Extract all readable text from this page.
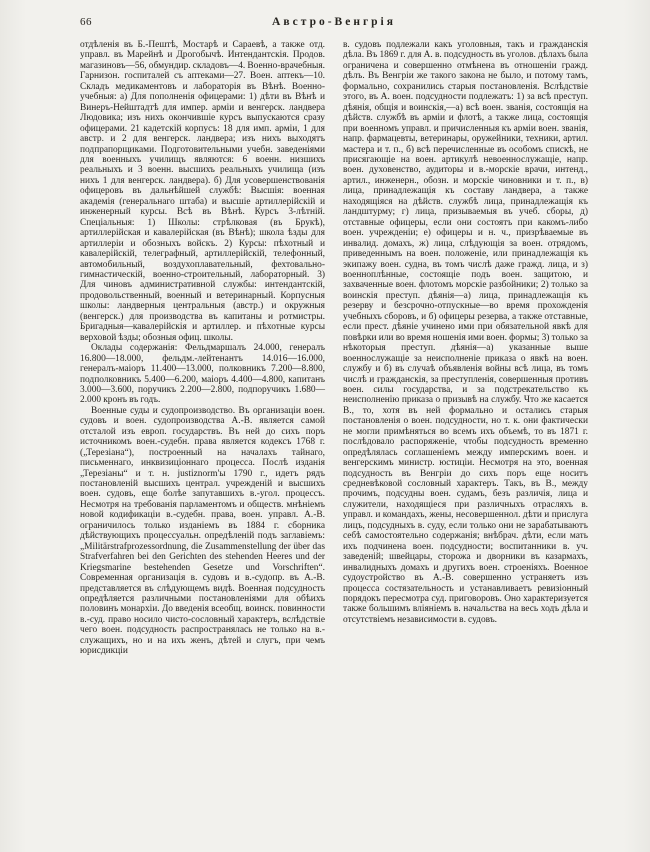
66	Австро-Венгрія

отдѣленія въ Б.-Пештѣ, Мостарѣ и Сараевѣ, а также отд. управл. въ Марейнѣ и Дрогобычѣ. Интендантскія. Продов. магазиновъ—56, обмундир. складовъ—4. Военно-врачебныя. Гарнизон. госпиталей съ аптеками—27. Воен. аптекъ—10. Складъ медикаментовъ и лабораторія въ Вѣнѣ. Военно-учебныя: а) Для пополненія офицерами: 1) дѣти въ Вѣнѣ и Винеръ-Нейштадтѣ для импер. арміи и венгерск. ландвера Людовика; изъ нихъ окончившіе курсъ выпускаются сразу офицерами. 21 кадетскій корпусъ: 18 для имп. арміи, 1 для австр. и 2 для венгерск. ландвера; изъ нихъ выходятъ подпрапорщиками. Подготовительными учебн. заведеніями для военныхъ училищъ являются: 6 военн. низшихъ реальныхъ и 3 военн. высшихъ реальныхъ училища (изъ нихъ 1 для венгерск. ландвера). б) Для усовершенствованія офицеровъ въ дальнѣйшей службѣ: Высшія: военная академія (генеральнаго штаба) и высшіе артиллерійскій и инженерный курсы. Всѣ въ Вѣнѣ. Курсъ 3-лѣтній. Спеціальныя: 1) Школы: стрѣлковая (въ Брукѣ), артиллерійская и кавалерійская (въ Вѣнѣ); школа ѣзды для артиллеріи и обозныхъ войскъ. 2) Курсы: пѣхотный и кавалерійскій, телеграфный, артиллерійскій, телефонный, автомобильный, воздухоплавательный, фехтовально-гимнастическій, военно-строительный, лабораторный. 3) Для чиновъ административной службы: интендантскій, продовольственный, военный и ветеринарный. Корпусныя школы: ландверныя центральныя (австр.) и окружныя (венгерск.) для производства въ капитаны и ротмистры. Бригадныя—кавалерійскія и артиллер. и пѣхотные курсы верховой ѣзды; обозныя офиц. школы.

Оклады содержанія: Фельдмаршалъ 24.000, генералъ 16.800—18.000, фельдм.-лейтенантъ 14.016—16.000, генералъ-маіоръ 11.400—13.000, полковникъ 7.200—8.800, подполковникъ 5.400—6.200, маіоръ 4.400—4.800, капитанъ 3.000—3.600, поручикъ 2.200—2.800, подпоручикъ 1.680—2.000 кронъ въ годъ.

Военные суды и судопроизводство. Въ организаціи воен. судовъ и воен. судопроизводства А.-В. является самой отсталой изъ европ. государствъ. Въ ней до сихъ поръ источникомъ воен.-судебн. права является кодексъ 1768 г. („Терезіана“), построенный на началахъ тайнаго, письменнаго, инквизиціоннаго процесса. Послѣ изданія „Терезіаны“ и т. н. justiznorm'ы 1790 г., идетъ рядъ постановленій высшихъ централ. учрежденій и высшихъ воен. судовъ, еще болѣе запутавшихъ в.-угол. процессъ. Несмотря на требованія парламентомъ и обществ. мнѣніемъ новой кодификаціи в.-судебн. права, воен. управл. А.-В. ограничилось только изданіемъ въ 1884 г. сборника дѣйствующихъ процессуальн. опредѣленій подъ заглавіемъ: „Militärstrafprozessordnung, die Zusammenstellung der über das Strafverfahren bei den Gerichten des stehenden Heeres und der Kriegsmarine bestehenden Gesetze und Vorschriften“. Современная организація в. судовъ и в.-судопр. въ А.-В. представляется въ слѣдующемъ видѣ. Военная подсудность опредѣляется различными постановленіями для обѣихъ половинъ монархіи. До введенія всеобщ. воинск. повинности в.-суд. право носило чисто-сословный характеръ, вслѣдствіе чего воен. подсудность распространялась не только на в.-служащихъ, но и на ихъ женъ, дѣтей и слугъ, при чемъ юрисдикціи

в. судовъ подлежали какъ уголовныя, такъ и гражданскія дѣла. Въ 1869 г. для А. в. подсудность въ уголов. дѣлахъ была ограничена и совершенно отмѣнена въ отношеніи гражд. дѣлъ. Въ Венгріи же такого закона не было, и потому тамъ, формально, сохранились старыя постановленія. Вслѣдствіе этого, въ А. воен. подсудности подлежатъ: 1) за всѣ преступ. дѣянія, общія и воинскія,—а) всѣ воен. званія, состоящія на дѣйств. службѣ въ арміи и флотѣ, а также лица, состоящія при военномъ управл. и причисленныя къ арміи воен. званія, напр. фармацевты, ветеринары, оружейники, техники, артил. мастера и т. п., б) всѣ перечисленные въ особомъ спискѣ, не присягающіе на воен. артикулѣ невоеннослужащіе, напр. воен. духовенство, аудиторы и в.-морскіе врачи, интенд., артил., инженерн., обозн. и морскіе чиновники и т. п., в) лица, принадлежащія къ составу ландвера, а также находящіяся на дѣйств. службѣ лица, принадлежащія къ ландштурму; г) лица, призываемыя въ учеб. сборы, д) отставные офицеры, если они состоятъ при какомъ-либо воен. учрежденіи; е) офицеры и н. ч., призрѣваемые въ инвалид. домахъ, ж) лица, слѣдующія за воен. отрядомъ, приведеннымъ на воен. положеніе, или принадлежащія къ экипажу воен. судна, въ томъ числѣ даже гражд. лица, и з) военноплѣнные, состоящіе подъ воен. защитою, и захваченные воен. флотомъ морскіе разбойники; 2) только за воинскія преступ. дѣянія—а) лица, принадлежащія къ резерву и безсрочно-отпускные—во время прохожденія учебныхъ сборовъ, и б) офицеры резерва, а также отставные, если прест. дѣяніе учинено ими при обязательной явкѣ для повѣрки или во время ношенія ими воен. формы; 3) только за нѣкоторыя преступ. дѣянія—а) указанные выше военнослужащіе за неисполненіе приказа о явкѣ на воен. службу и б) въ случаѣ объявленія войны всѣ лица, въ томъ числѣ и гражданскія, за преступленія, совершенныя противъ воен. силы государства, и за подстрекательство къ неисполненію приказа о призывѣ на службу. Что же касается В., то, хотя въ ней формально и остались старыя постановленія о воен. подсудности, но т. к. они фактически не могли примѣняться во всемъ ихъ объемѣ, то въ 1871 г. послѣдовало распоряженіе, чтобы подсудность временно опредѣлялась соглашеніемъ между имперскимъ воен. и венгерскимъ министр. юстиціи. Несмотря на это, военная подсудность въ Венгріи до сихъ поръ еще носитъ средневѣковой сословный характеръ. Такъ, въ В., между прочимъ, подсудны воен. судамъ, безъ различія, лица и служители, находящіеся при различныхъ отрасляхъ в. управл. и командахъ, жены, несовершеннол. дѣти и прислуга лицъ, подсудныхъ в. суду, если только они не зарабатываютъ себѣ самостоятельно содержанія; внѣбрач. дѣти, если мать ихъ подчинена воен. подсудности; воспитанники в. уч. заведеній; швейцары, сторожа и дворники въ казармахъ, инвалидныхъ домахъ и другихъ воен. строеніяхъ. Военное судоустройство въ А.-В. совершенно устраняетъ изъ процесса состязательность и устанавливаетъ ревизіонный порядокъ пересмотра суд. приговоровъ. Оно характеризуется также большимъ вліяніемъ в. начальства на весь ходъ дѣла и отсутствіемъ независимости в. судовъ.
